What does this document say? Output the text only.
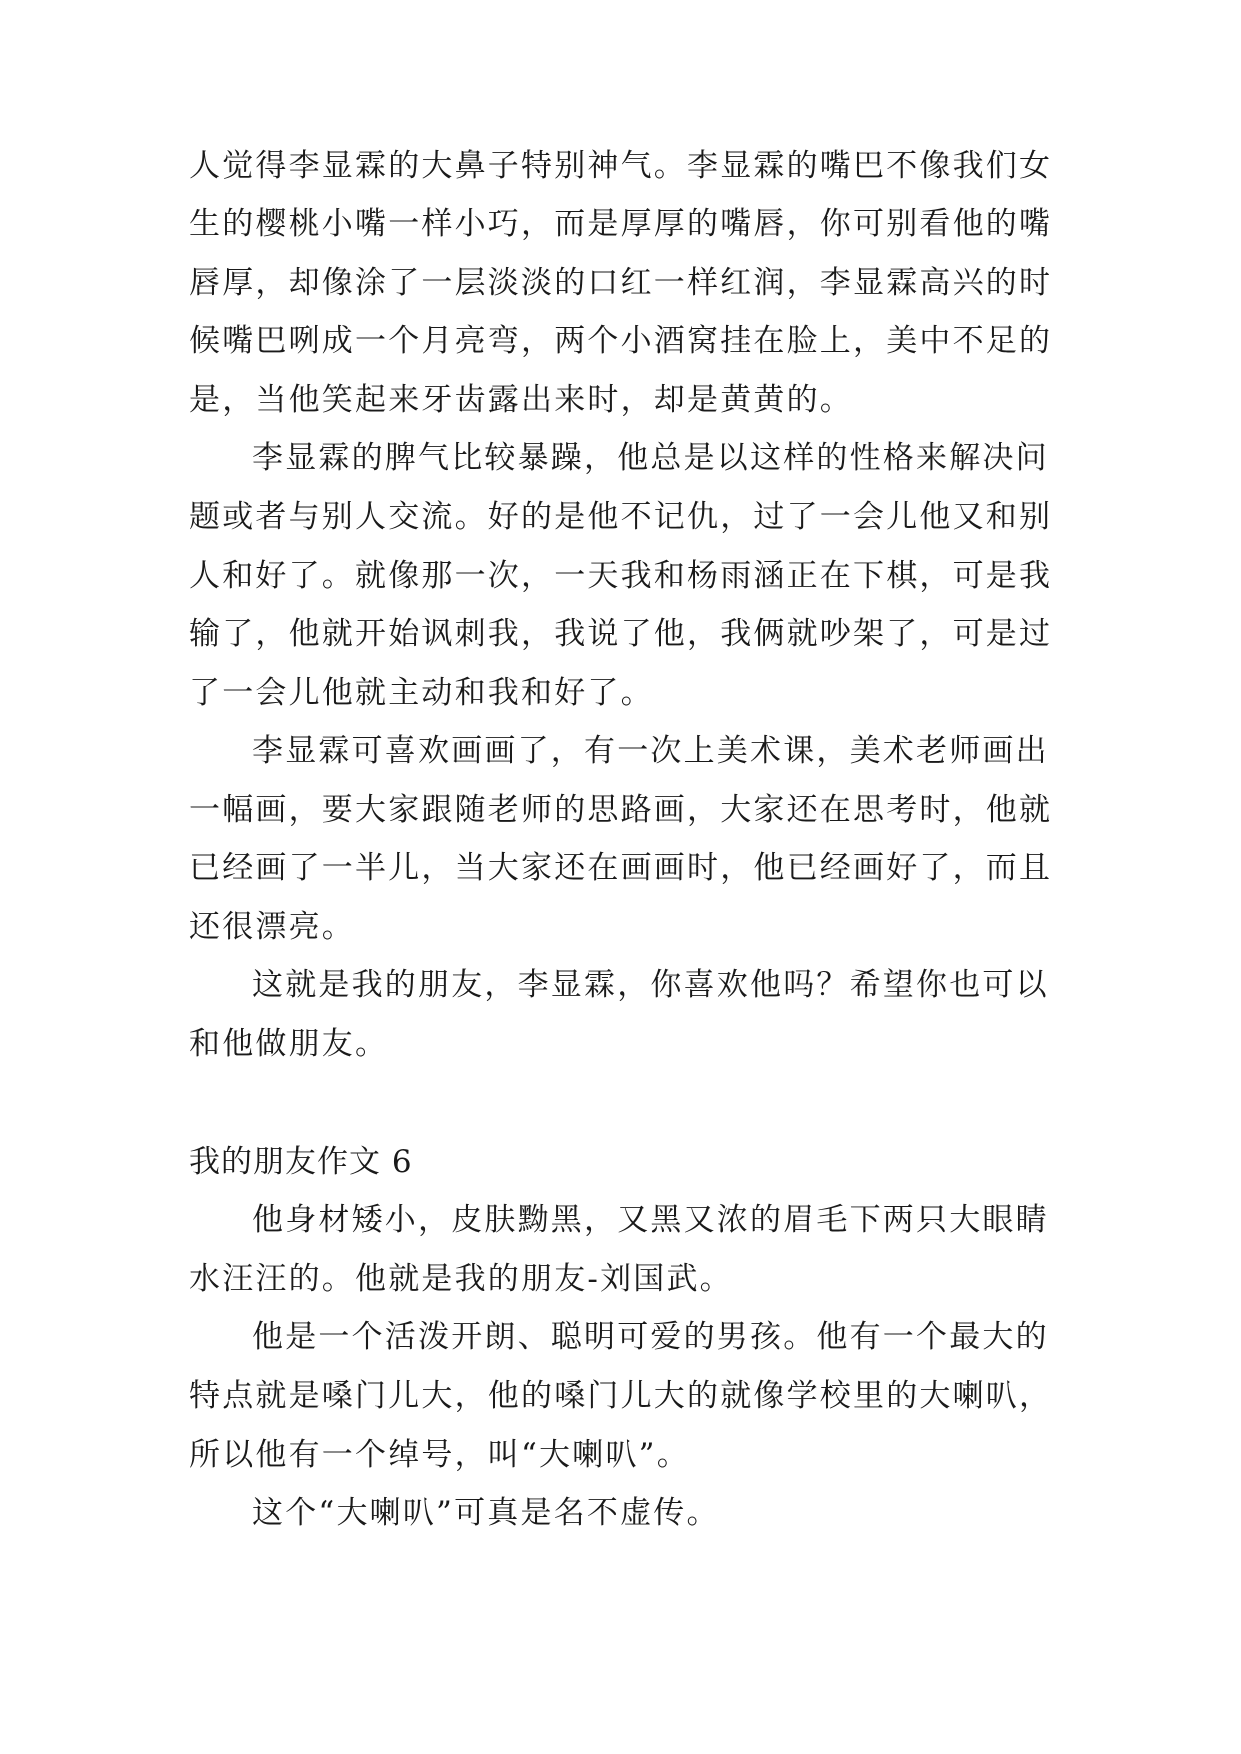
人觉得李显霖的大鼻子特别神气。李显霖的嘴巴不像我们女
生的樱桃小嘴一样小巧，而是厚厚的嘴唇，你可别看他的嘴
唇厚，却像涂了一层淡淡的口红一样红润，李显霖高兴的时
候嘴巴咧成一个月亮弯，两个小酒窝挂在脸上，美中不足的
是，当他笑起来牙齿露出来时，却是黄黄的。
李显霖的脾气比较暴躁，他总是以这样的性格来解决问
题或者与别人交流。好的是他不记仇，过了一会儿他又和别
人和好了。就像那一次，一天我和杨雨涵正在下棋，可是我
输了，他就开始讽刺我，我说了他，我俩就吵架了，可是过
了一会儿他就主动和我和好了。
李显霖可喜欢画画了，有一次上美术课，美术老师画出
一幅画，要大家跟随老师的思路画，大家还在思考时，他就
已经画了一半儿，当大家还在画画时，他已经画好了，而且
还很漂亮。
这就是我的朋友，李显霖，你喜欢他吗？希望你也可以
和他做朋友。
我的朋友作文 6
他身材矮小，皮肤黝黑，又黑又浓的眉毛下两只大眼睛
水汪汪的。他就是我的朋友-刘国武。
他是一个活泼开朗、聪明可爱的男孩。他有一个最大的
特点就是嗓门儿大，他的嗓门儿大的就像学校里的大喇叭，
所以他有一个绰号，叫“大喇叭”。
这个“大喇叭”可真是名不虚传。
